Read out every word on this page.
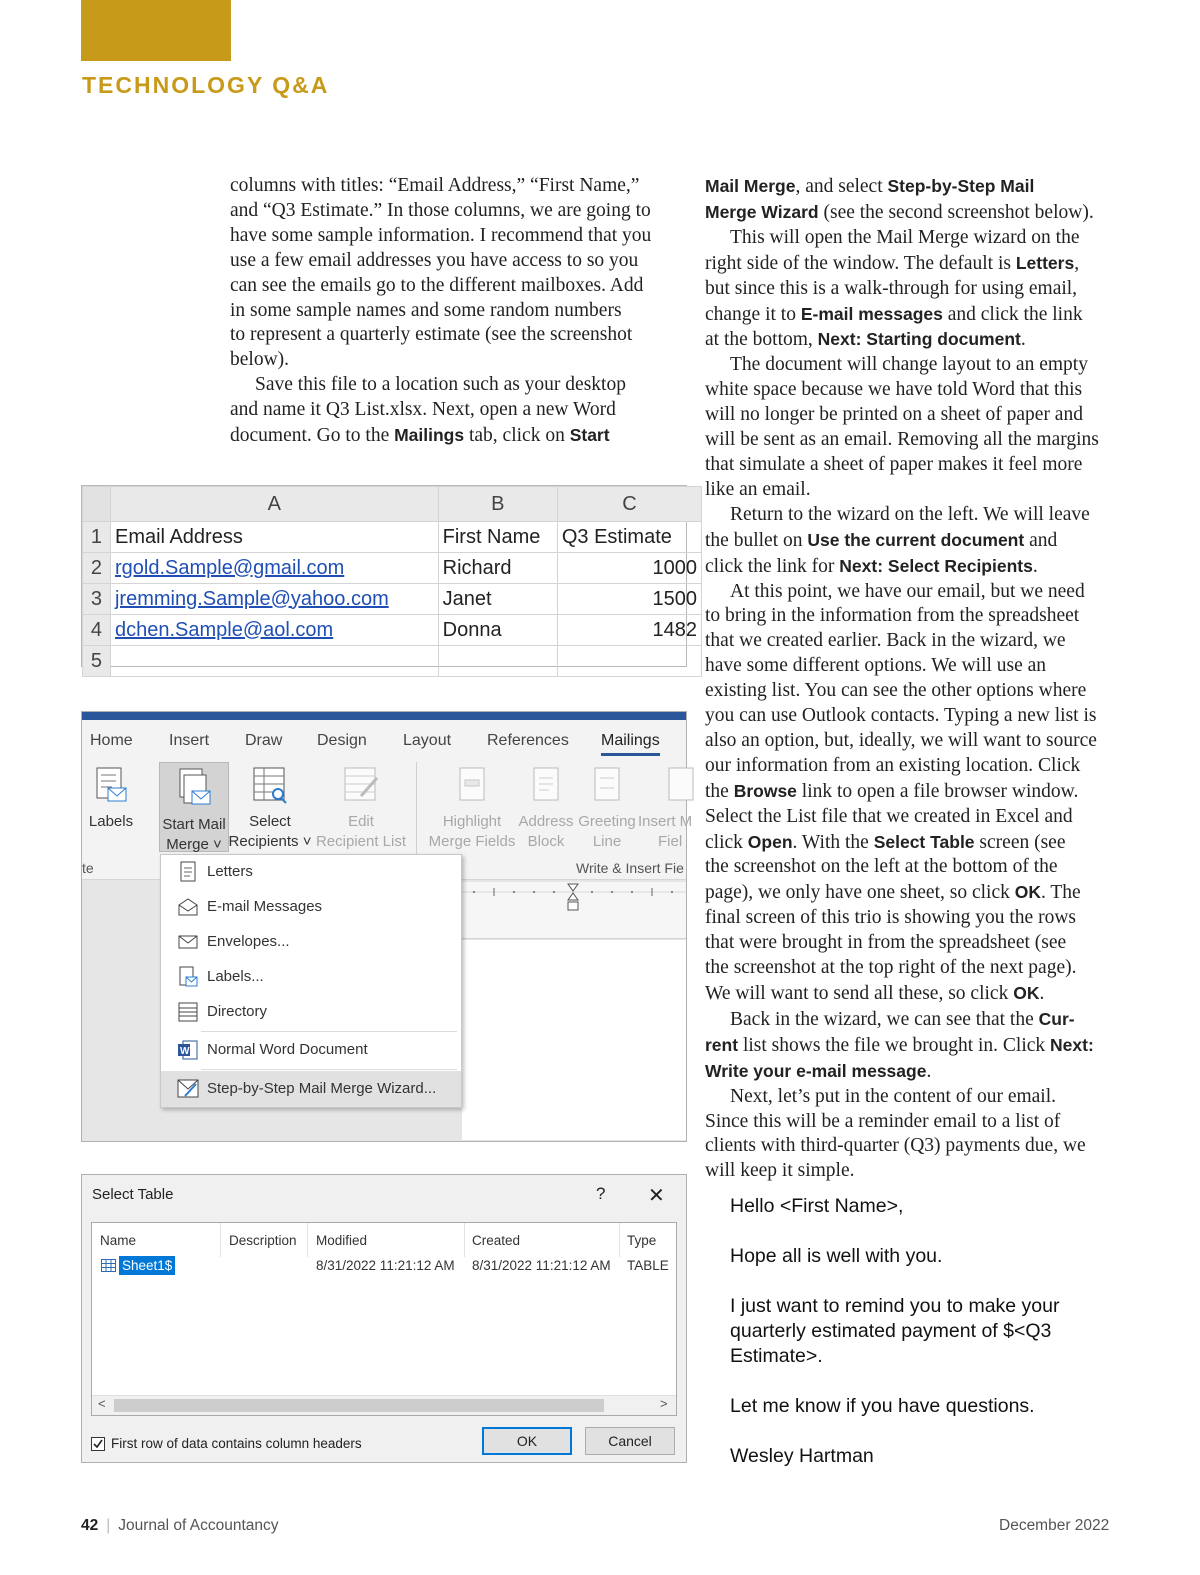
TECHNOLOGY Q&A

columns with titles: “Email Address,” “First Name,”
and “Q3 Estimate.” In those columns, we are going to
have some sample information. I recommend that you
use a few email addresses you have access to so you
can see the emails go to the different mailboxes. Add
in some sample names and some random numbers
to represent a quarterly estimate (see the screenshot
below).

Save this file to a location such as your desktop
and name it Q3 List.xlsx. Next, open a new Word
document. Go to the Mailings tab, click on Start

	A	B	C
1	Email Address	First Name	Q3 Estimate
2	rgold.Sample@gmail.com	Richard	1000
3	jremming.Sample@yahoo.com	Janet	1500
4	dchen.Sample@aol.com	Donna	1482
5			
Home Insert Draw Design Layout References Mailings

Labels Start Mail
Merge ˅

Select
Recipients ˅

Edit
Recipient List

Highlight
Merge Fields

Address
Block

Greeting
Line

Insert M
Fiel
te	Write & Insert Fie
Letters
E-mail Messages
Envelopes...
Labels...
Directory
W Normal Word Document
Step-by-Step Mail Merge Wizard...
Select Table	? ✕
Name	Description Modified	Created	Type
Sheet1$	8/31/2022 11:21:12 AM 8/31/2022 11:21:12 AM TABLE
<	>
First row of data contains column headers	OK	Cancel

Mail Merge, and select Step-by-Step Mail
Merge Wizard (see the second screenshot below).

This will open the Mail Merge wizard on the
right side of the window. The default is Letters,
but since this is a walk-through for using email,
change it to E-mail messages and click the link
at the bottom, Next: Starting document.

The document will change layout to an empty
white space because we have told Word that this
will no longer be printed on a sheet of paper and
will be sent as an email. Removing all the margins
that simulate a sheet of paper makes it feel more
like an email.

Return to the wizard on the left. We will leave
the bullet on Use the current document and
click the link for Next: Select Recipients.

At this point, we have our email, but we need
to bring in the information from the spreadsheet
that we created earlier. Back in the wizard, we
have some different options. We will use an
existing list. You can see the other options where
you can use Outlook contacts. Typing a new list is
also an option, but, ideally, we will want to source
our information from an existing location. Click
the Browse link to open a file browser window.
Select the List file that we created in Excel and
click Open. With the Select Table screen (see
the screenshot on the left at the bottom of the
page), we only have one sheet, so click OK. The
final screen of this trio is showing you the rows
that were brought in from the spreadsheet (see
the screenshot at the top right of the next page).
We will want to send all these, so click OK.

Back in the wizard, we can see that the Cur-
rent list shows the file we brought in. Click Next:
Write your e-mail message.

Next, let’s put in the content of our email.
Since this will be a reminder email to a list of
clients with third-quarter (Q3) payments due, we
will keep it simple.

Hello <First Name>,

Hope all is well with you.

I just want to remind you to make your quarterly estimated payment of $<Q3 Estimate>.

Let me know if you have questions.

Wesley Hartman

42 | Journal of Accountancy	December 2022
